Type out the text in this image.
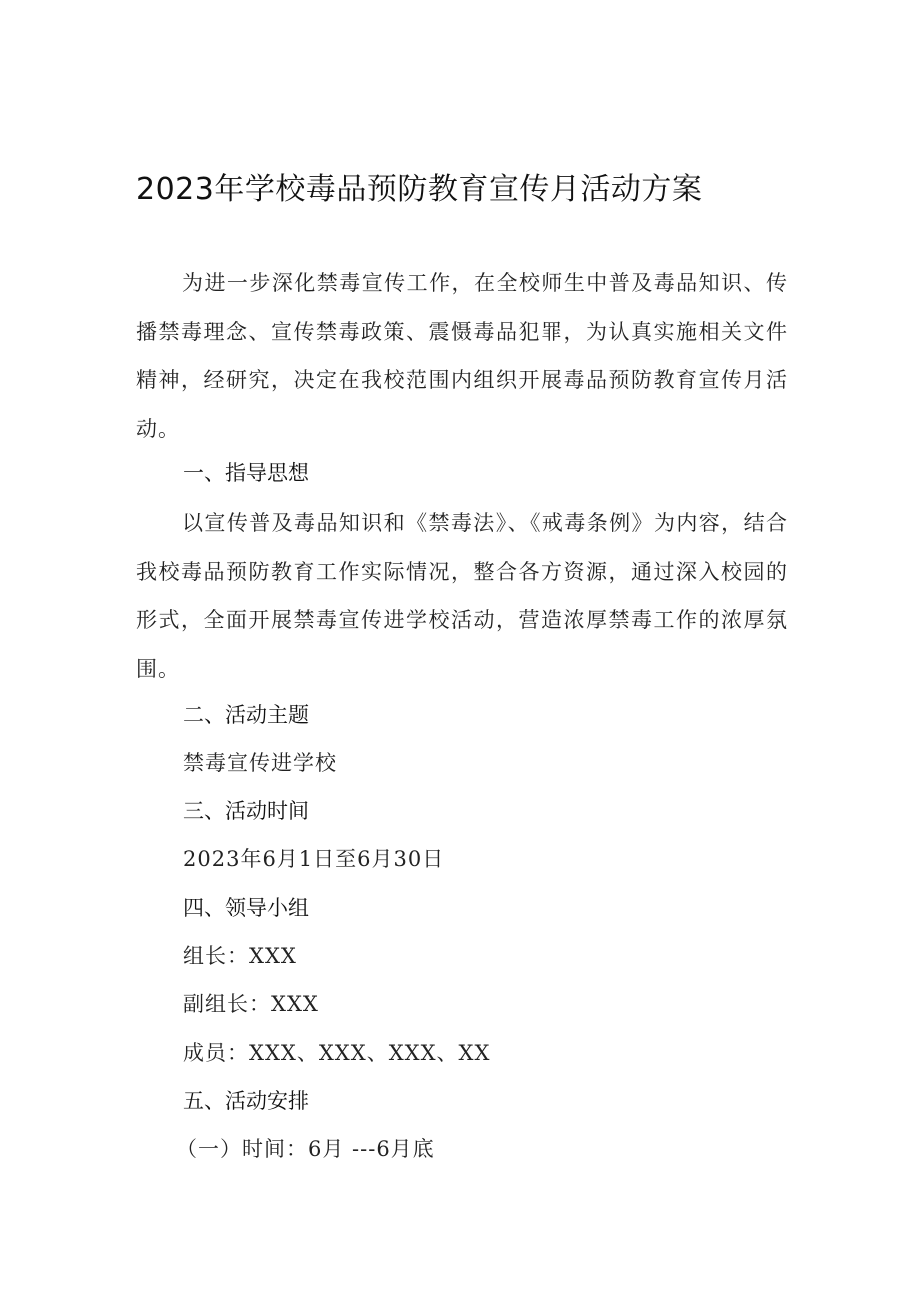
2023年学校毒品预防教育宣传月活动方案
为进一步深化禁毒宣传工作，在全校师生中普及毒品知识、传播禁毒理念、宣传禁毒政策、震慑毒品犯罪，为认真实施相关文件精神，经研究，决定在我校范围内组织开展毒品预防教育宣传月活动。
一、指导思想
以宣传普及毒品知识和《禁毒法》、《戒毒条例》为内容，结合我校毒品预防教育工作实际情况，整合各方资源，通过深入校园的形式，全面开展禁毒宣传进学校活动，营造浓厚禁毒工作的浓厚氛围。
二、活动主题
禁毒宣传进学校
三、活动时间
2023年6月1日至6月30日
四、领导小组
组长：XXX
副组长：XXX
成员：XXX、XXX、XXX、XX
五、活动安排
（一）时间：6月 ---6月底
